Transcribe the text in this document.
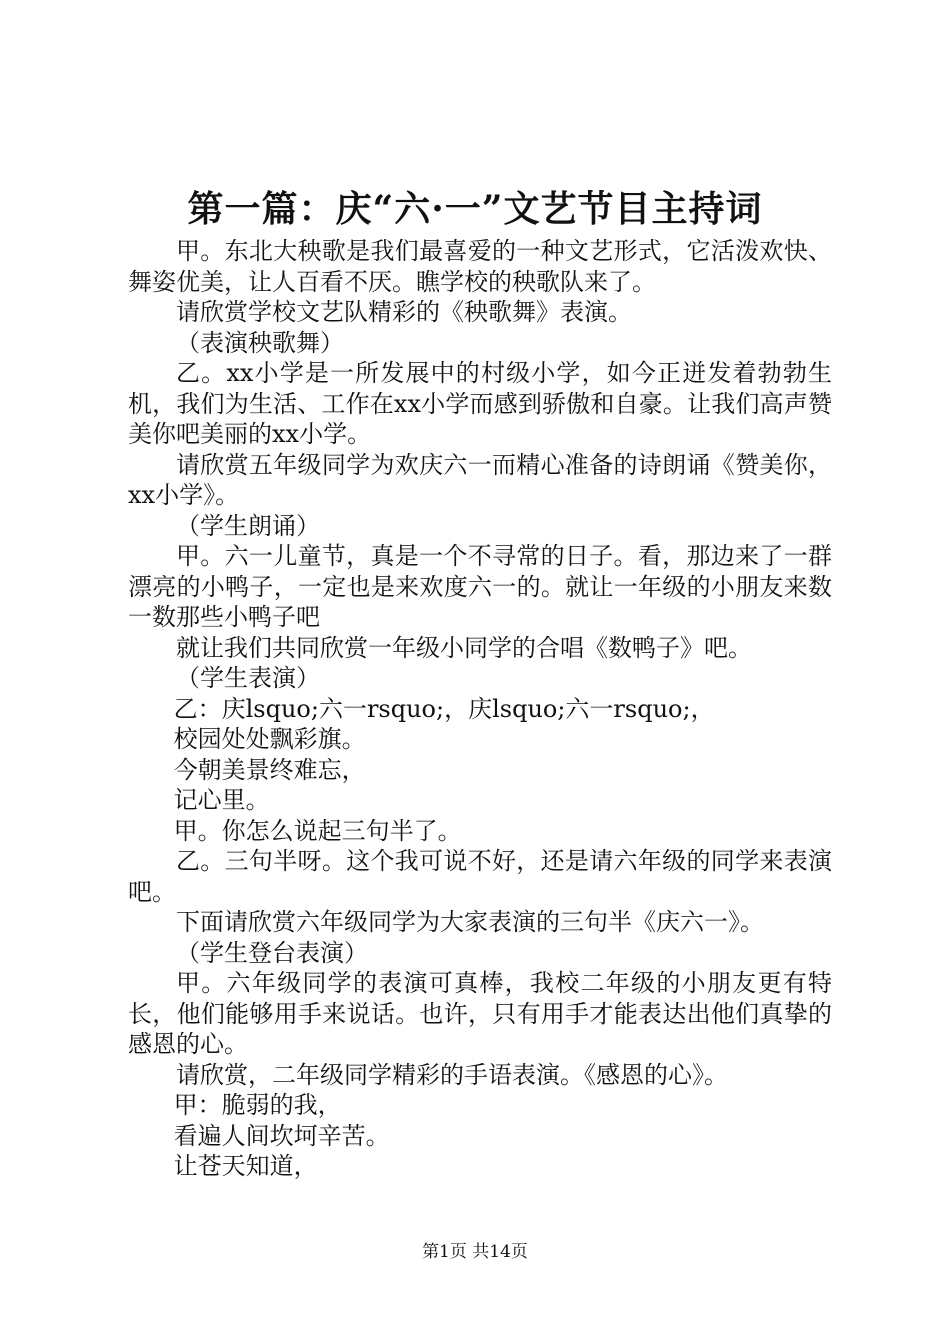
第一篇：庆“六·一”文艺节目主持词

甲。东北大秧歌是我们最喜爱的一种文艺形式，它活泼欢快、舞姿优美，让人百看不厌。瞧学校的秧歌队来了。

请欣赏学校文艺队精彩的《秧歌舞》表演。

（表演秧歌舞）

乙。xx小学是一所发展中的村级小学，如今正迸发着勃勃生机，我们为生活、工作在xx小学而感到骄傲和自豪。让我们高声赞美你吧美丽的xx小学。

请欣赏五年级同学为欢庆六一而精心准备的诗朗诵《赞美你，xx小学》。

（学生朗诵）

甲。六一儿童节，真是一个不寻常的日子。看，那边来了一群漂亮的小鸭子，一定也是来欢度六一的。就让一年级的小朋友来数一数那些小鸭子吧

就让我们共同欣赏一年级小同学的合唱《数鸭子》吧。

（学生表演）

乙：庆lsquo;六一rsquo;，庆lsquo;六一rsquo;，

校园处处飘彩旗。

今朝美景终难忘，

记心里。

甲。你怎么说起三句半了。

乙。三句半呀。这个我可说不好，还是请六年级的同学来表演吧。

下面请欣赏六年级同学为大家表演的三句半《庆六一》。

（学生登台表演）

甲。六年级同学的表演可真棒，我校二年级的小朋友更有特长，他们能够用手来说话。也许，只有用手才能表达出他们真挚的感恩的心。

请欣赏，二年级同学精彩的手语表演。《感恩的心》。

甲：脆弱的我，

看遍人间坎坷辛苦。

让苍天知道，

第1页 共14页
